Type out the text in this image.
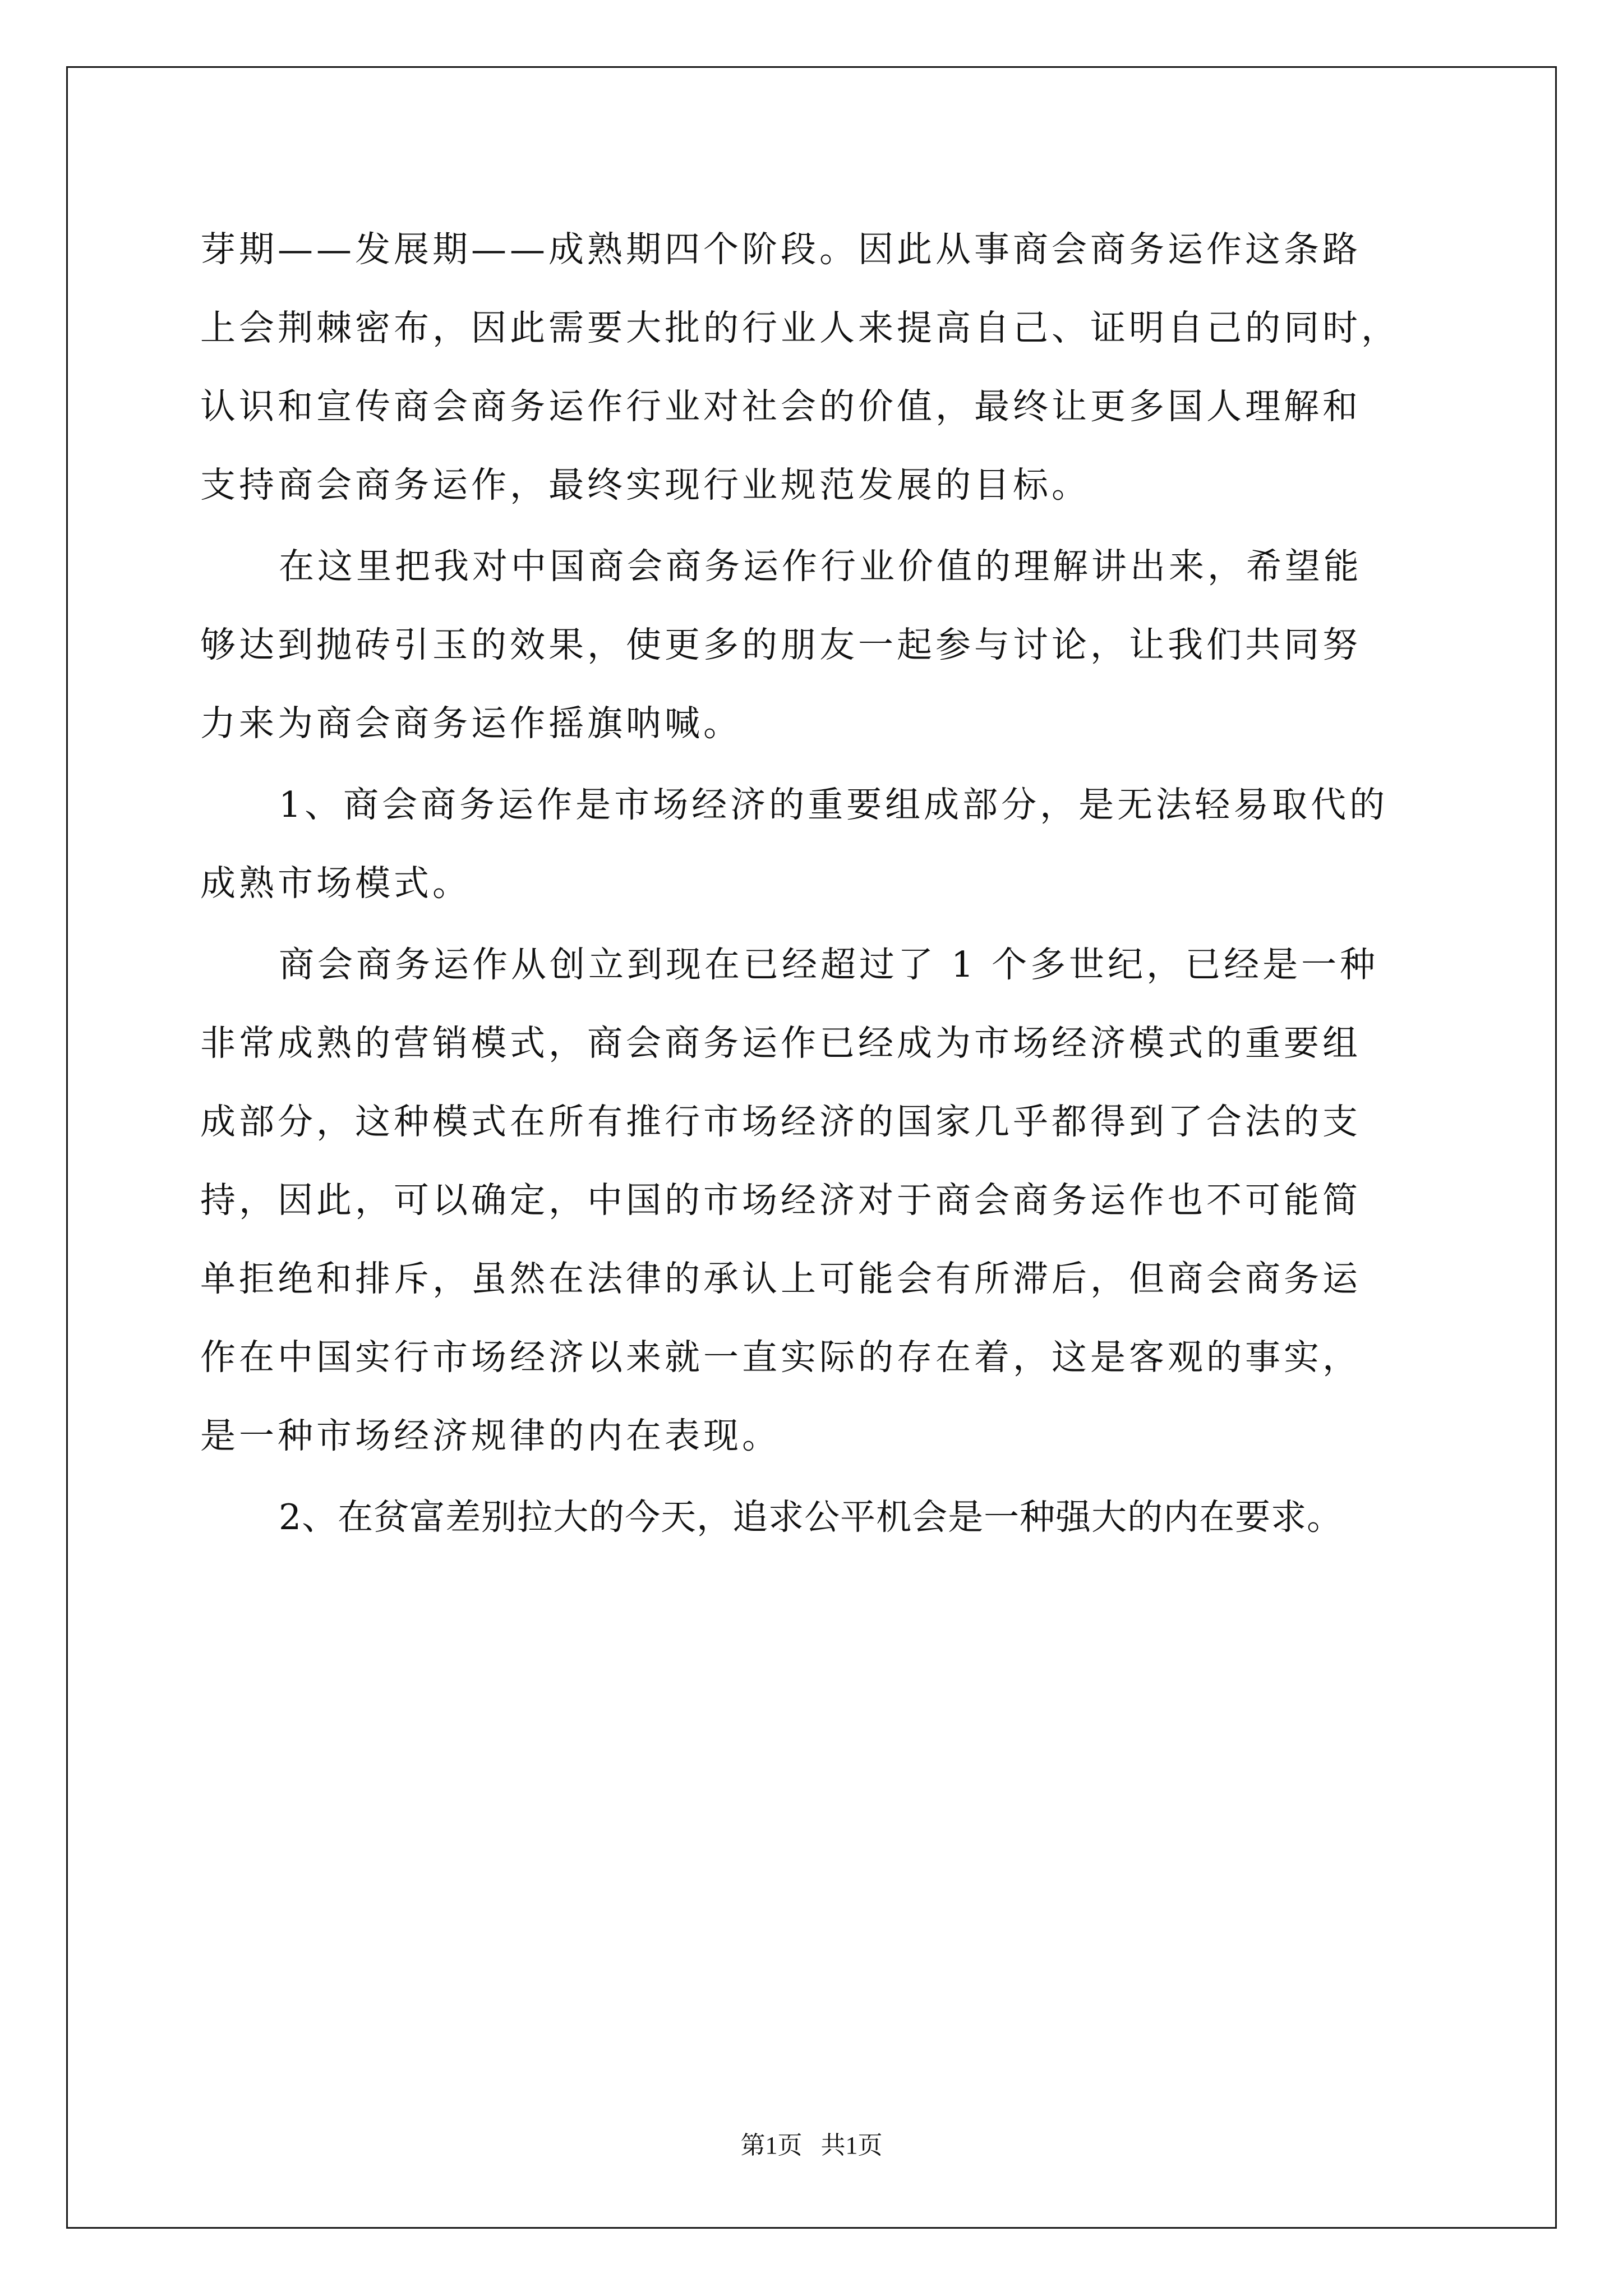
芽期——发展期——成熟期四个阶段。因此从事商会商务运作这条路
上会荆棘密布，因此需要大批的行业人来提高自己、证明自己的同时，
认识和宣传商会商务运作行业对社会的价值，最终让更多国人理解和
支持商会商务运作，最终实现行业规范发展的目标。
在这里把我对中国商会商务运作行业价值的理解讲出来，希望能
够达到抛砖引玉的效果，使更多的朋友一起参与讨论，让我们共同努
力来为商会商务运作摇旗呐喊。
1、商会商务运作是市场经济的重要组成部分，是无法轻易取代的
成熟市场模式。
商会商务运作从创立到现在已经超过了 1 个多世纪，已经是一种
非常成熟的营销模式，商会商务运作已经成为市场经济模式的重要组
成部分，这种模式在所有推行市场经济的国家几乎都得到了合法的支
持，因此，可以确定，中国的市场经济对于商会商务运作也不可能简
单拒绝和排斥，虽然在法律的承认上可能会有所滞后，但商会商务运
作在中国实行市场经济以来就一直实际的存在着，这是客观的事实，
是一种市场经济规律的内在表现。
2、在贫富差别拉大的今天，追求公平机会是一种强大的内在要求。
第1页   共1页
